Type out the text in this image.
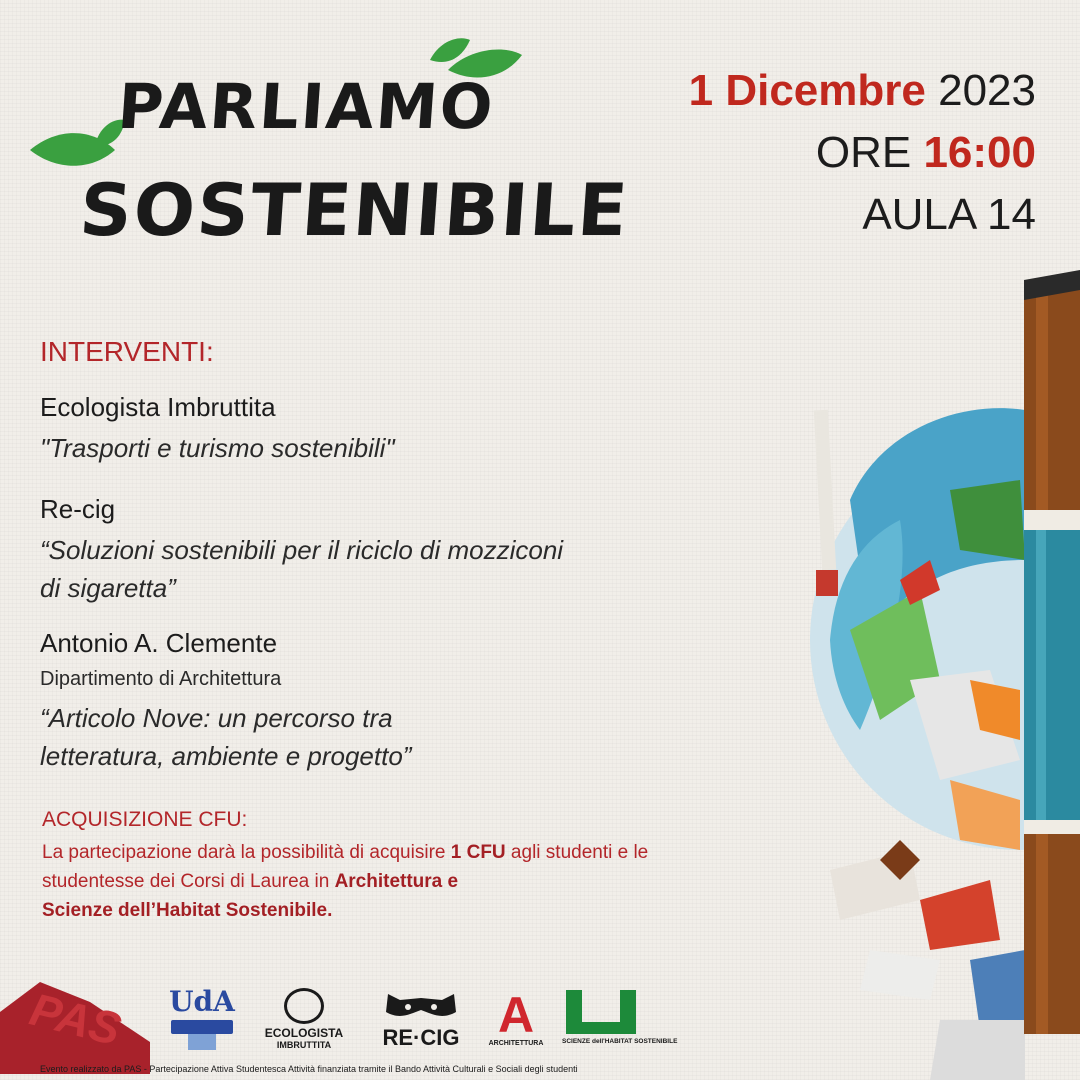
PARLIAMO
SOSTENIBILE
1 Dicembre 2023
ORE 16:00
AULA 14
INTERVENTI:
Ecologista Imbruttita
"Trasporti e turismo sostenibili"
Re-cig
“Soluzioni sostenibili per il riciclo di mozziconi
di sigaretta”
Antonio A. Clemente
Dipartimento di Architettura
“Articolo Nove: un percorso tra
letteratura, ambiente e progetto”
ACQUISIZIONE CFU:
La partecipazione darà la possibilità di acquisire 1 CFU agli studenti e le
studentesse dei Corsi di Laurea in Architettura e
Scienze dell’Habitat Sostenibile.
PAS UdA
ECOLOGISTA
IMBRUTTITA	RE·CIG A
ARCHITETTURA	SCIENZE dell'HABITAT SOSTENIBILE
Evento realizzato da PAS - Partecipazione Attiva Studentesca Attività finanziata tramite il Bando Attività Culturali e Sociali degli studenti
